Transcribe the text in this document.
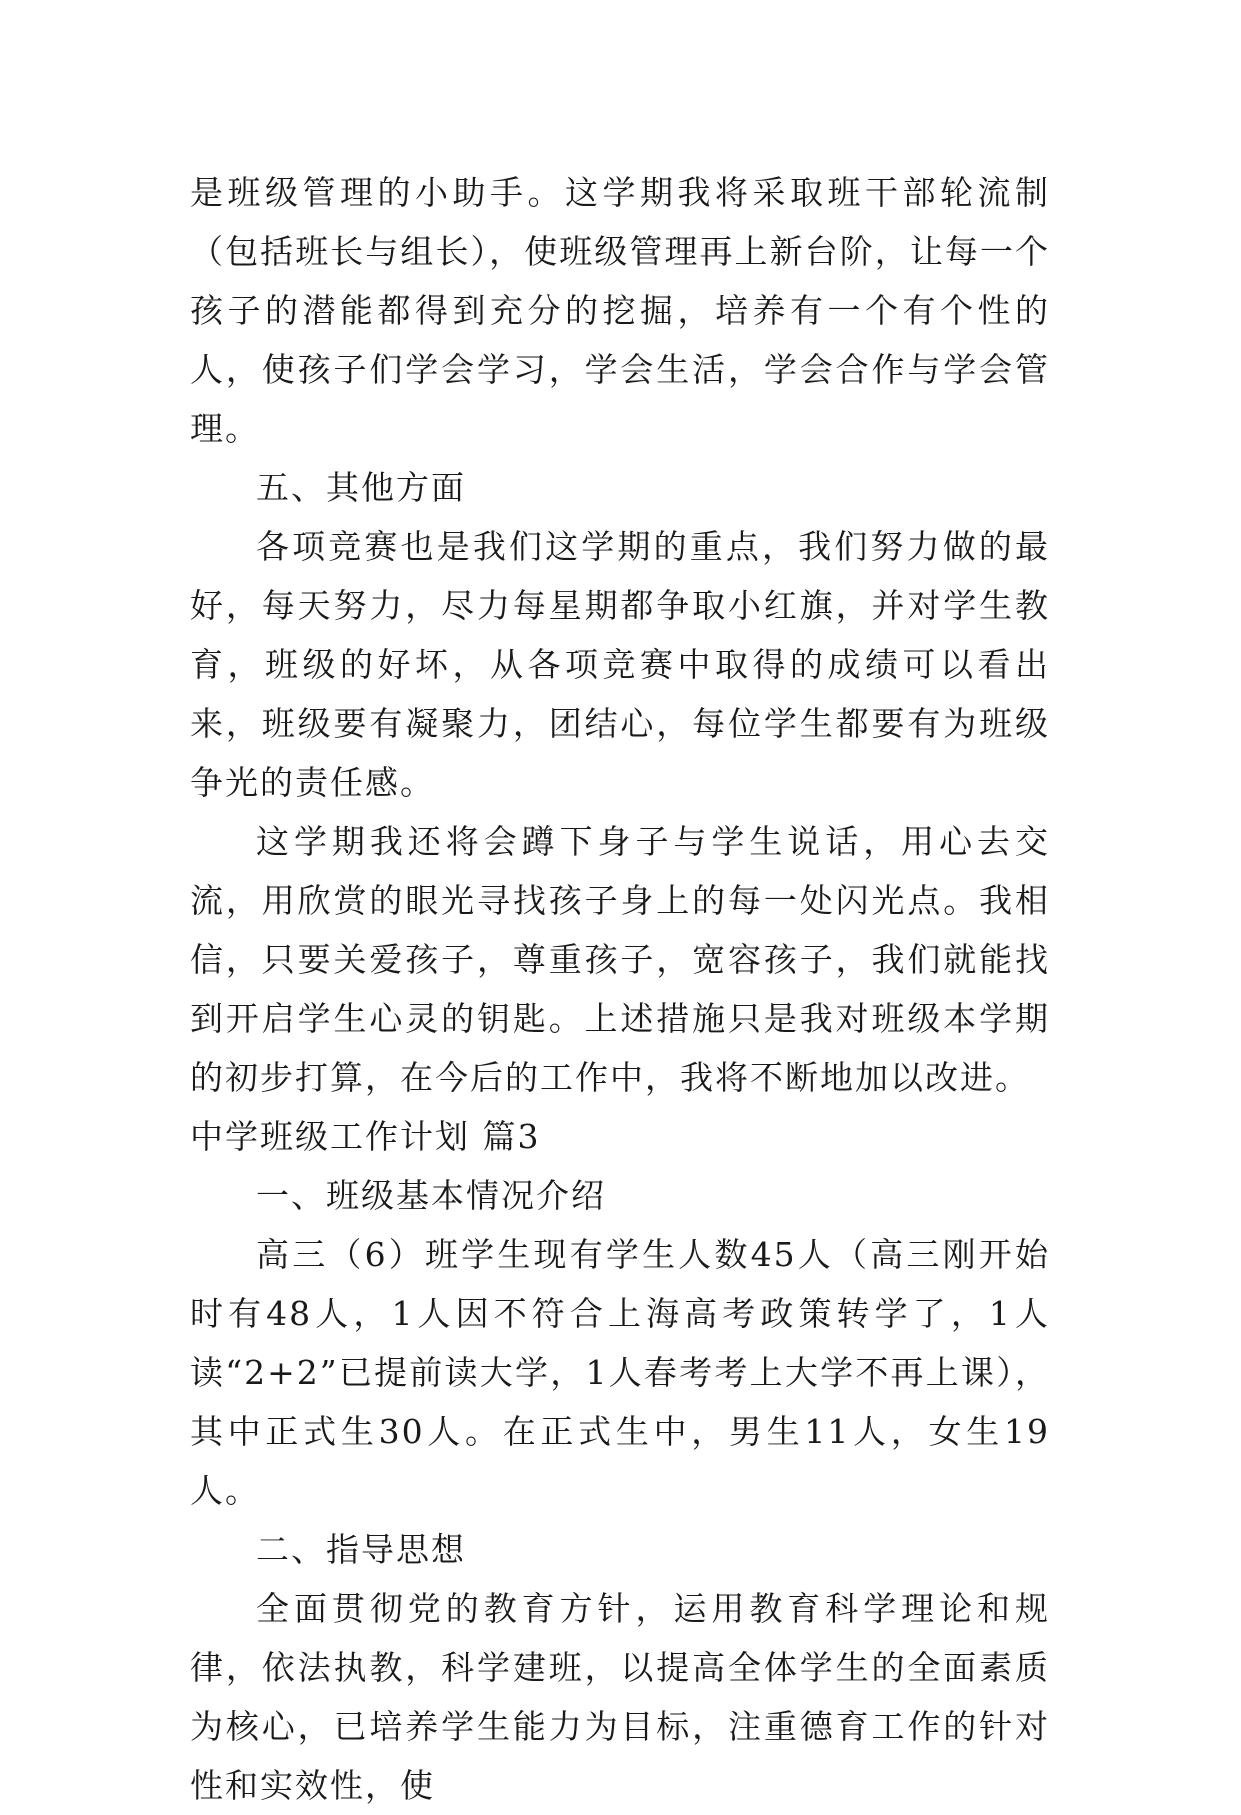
是班级管理的小助手。这学期我将采取班干部轮流制（包括班长与组长），使班级管理再上新台阶，让每一个孩子的潜能都得到充分的挖掘，培养有一个有个性的人，使孩子们学会学习，学会生活，学会合作与学会管理。

五、其他方面

各项竞赛也是我们这学期的重点，我们努力做的最好，每天努力，尽力每星期都争取小红旗，并对学生教育，班级的好坏，从各项竞赛中取得的成绩可以看出来，班级要有凝聚力，团结心，每位学生都要有为班级争光的责任感。

这学期我还将会蹲下身子与学生说话，用心去交流，用欣赏的眼光寻找孩子身上的每一处闪光点。我相信，只要关爱孩子，尊重孩子，宽容孩子，我们就能找到开启学生心灵的钥匙。上述措施只是我对班级本学期的初步打算，在今后的工作中，我将不断地加以改进。

中学班级工作计划 篇3

一、班级基本情况介绍

高三（6）班学生现有学生人数45人（高三刚开始时有48人，1人因不符合上海高考政策转学了，1人读“2+2”已提前读大学，1人春考考上大学不再上课），其中正式生30人。在正式生中，男生11人，女生19人。

二、指导思想

全面贯彻党的教育方针，运用教育科学理论和规律，依法执教，科学建班，以提高全体学生的全面素质为核心，已培养学生能力为目标，注重德育工作的针对性和实效性，使
